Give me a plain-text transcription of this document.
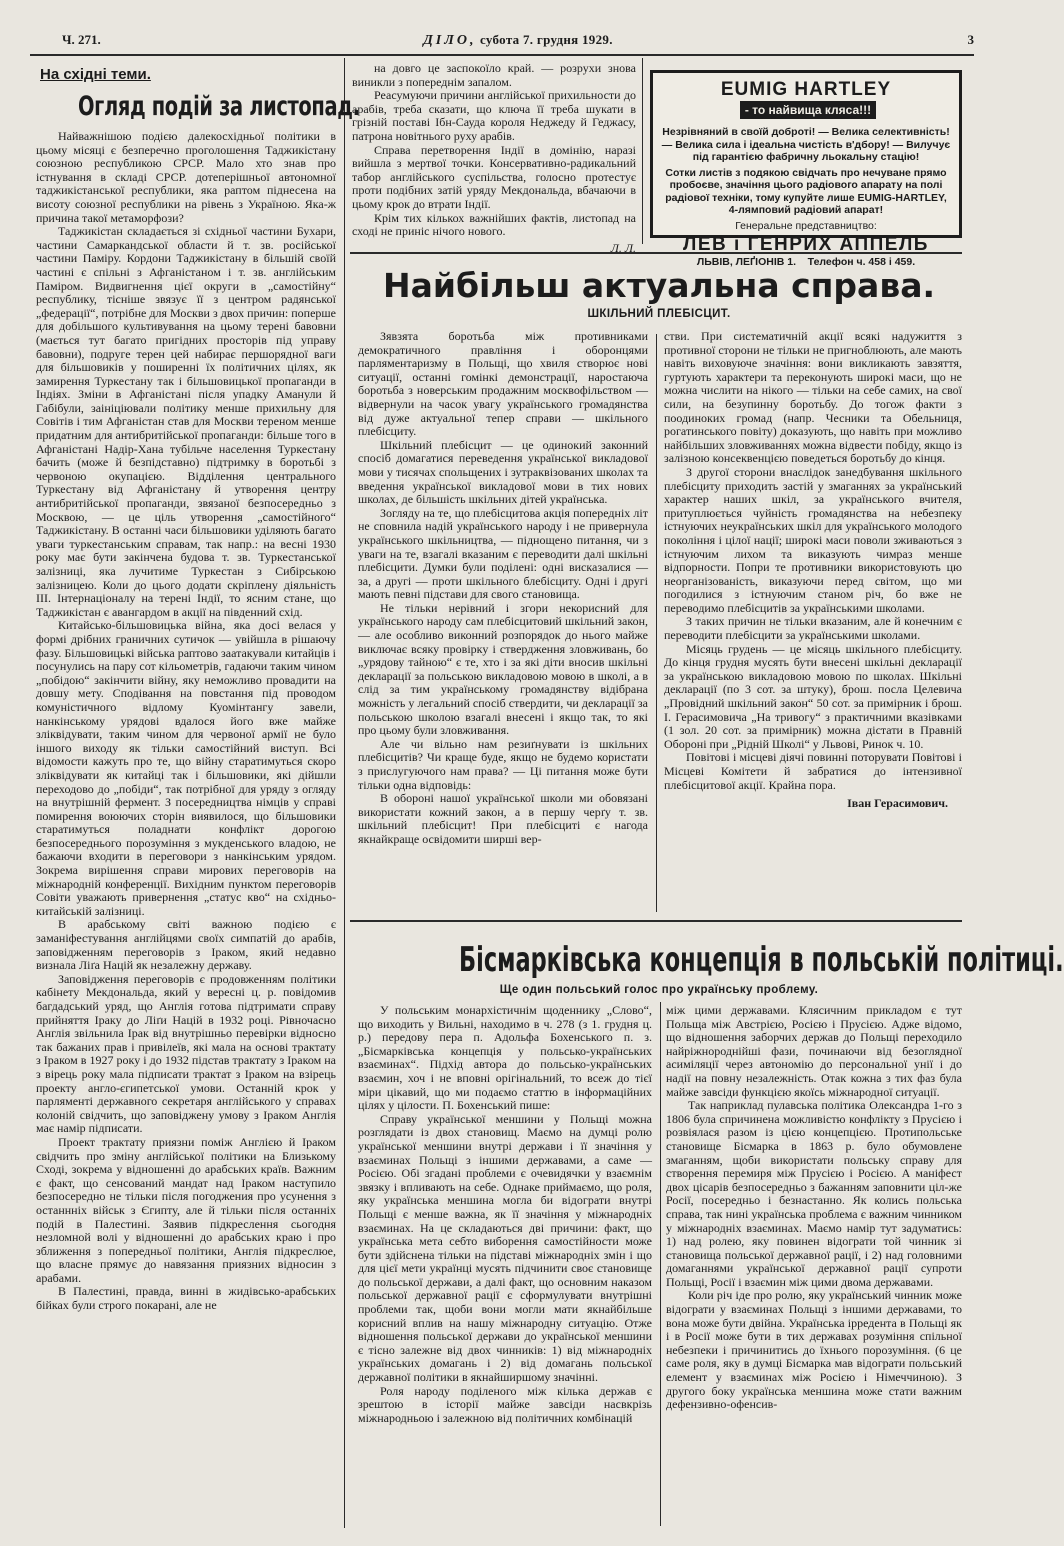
Ч. 271.	ДІЛО, субота 7. грудня 1929.	3
На східні теми.
Огляд подій за листопад.

Найважнішою подією далекосхідньої політики в цьому місяці є безперечно проголошення Таджикістану союзною республикою СРСР. Мало хто знав про істнування в складі СРСР. дотеперішньої автономної таджикістанської республики, яка раптом піднесена на висоту союзної республики на рівень з Україною. Яка-ж причина такої метаморфози?

Таджикістан складається зі східньої частини Бухари, частини Самаркандської области й т. зв. російської частини Паміру. Кордони Таджикістану в більшій своїй частині є спільні з Афганістаном і т. зв. англійським Паміром. Видвигнення цієї округи в „самостійну“ республику, тісніше звязує її з центром радянської „федерації“, потрібне для Москви з двох причин: поперше для добільшого культивування на цьому терені бавовни (мається тут багато пригідних просторів під управу бавовни), подруге терен цей набирає першорядної ваги для більшовиків у поширенні їх політичних цілях, як замирення Туркестану так і більшовицької пропаганди в Індіях. Зміни в Афганістані після упадку Аманули й Габібули, заініціювали політику менше прихильну для Совітів і тим Афганістан став для Москви тереном менше придатним для антибритійської пропаганди: більше того в Афганістані Надір-Хана тубільче населення Туркестану бачить (може й безпідставно) підтримку в боротьбі з червоною окупацією. Відділення центрального Туркестану від Афганістану й утворення центру антибритійської пропаганди, звязаної безпосередньо з Москвою, — це ціль утворення „самостійного“ Таджикістану. В останні часи більшовики уділяють багато уваги туркестанським справам, так напр.: на весні 1930 року має бути закінчена будова т. зв. Туркестанської залізниці, яка лучитиме Туркестан з Сибірською залізницею. Коли до цього додати скріплену діяльність ІІІ. Інтернаціоналу на терені Індії, то ясним стане, що Таджикістан є авангардом в акції на південний схід.

Китайсько-більшовицька війна, яка досі велася у формі дрібних граничних сутичок — увійшла в рішаючу фазу. Більшовицькі війська раптово заатакували китайців і посунулись на пару сот кільометрів, гадаючи таким чином „побідою“ закінчити війну, яку неможливо провадити на довшу мету. Сподівання на повстання під проводом комуністичного відлому Куомінтангу завели, нанкінському урядові вдалося його вже майже зліквідувати, таким чином для червоної армії не було іншого виходу як тільки самостійний виступ. Всі відомости кажуть про те, що війну старатимуться скоро зліквідувати як китайці так і більшовики, які дійшли переходово до „побіди“, так потрібної для уряду з огляду на внутрішній фермент. З посередництва німців у справі помирення воюючих сторін виявилося, що більшовики старатимуться поладнати конфлікт дорогою безпосереднього порозуміння з мукденського владою, не бажаючи входити в переговори з нанкінським урядом. Зокрема вирішення справи мирових переговорів на міжнародній конференції. Вихідним пунктом переговорів Совіти уважають привернення „статус кво“ на східньо-китайській залізниці.

В арабському світі важною подією є заманіфестування англійцями своїх симпатій до арабів, заповідженням переговорів з Іраком, який недавно визнала Ліґа Націй як незалежну державу.

Заповідження переговорів є продовженням політики кабінету Мекдональда, який у вересні ц. р. повідомив багдадський уряд, що Англія готова підтримати справу прийняття Іраку до Ліґи Націй в 1932 році. Рівночасно Англія звільнила Ірак від внутрішньо перевірки відносно так бажаних прав і привілеїв, які мала на основі трактату з Іраком в 1927 року і до 1932 підстав трактату з Іраком на з вірець року мала підписати трактат з Іраком на взірець проекту англо-єгипетської умови. Останній крок у парляменті державного секретаря англійського у справах колоній свідчить, що заповіджену умову з Іраком Англія має намір підписати.

Проект трактату приязни поміж Англією й Іраком свідчить про зміну англійської політики на Близькому Сході, зокрема у відношенні до арабських країв. Важним є факт, що сенсований мандат над Іраком наступило безпосередно не тільки після погоджения про усунення з останнніх військ з Єгипту, але й тільки після останніх подій в Палестині. Заявив підкреслення сьогодня незломной волі у відношенні до арабських краю і про зближення з попередньої політики, Англія підкреслюе, що власне прямує до навязання приязних відносин з арабами.

В Палестині, правда, винні в жидівсько-арабських бійках були строго покарані, але не

на довго це заспокоїло край. — розрухи знова виникли з попереднім запалом.

Реасумуючи причини англійської прихильности до арабів, треба сказати, що ключа її треба шукати в грізній поставі Ібн-Сауда короля Неджеду й Геджасу, патрона новітнього руху арабів.

Справа перетворення Індії в домінію, наразі вийшла з мертвої точки. Консервативно-радикальний табор англійського суспільства, голосно протестує проти подібних затій уряду Мекдональда, вбачаючи в цьому крок до втрати Індії.

Крім тих кількох важнійших фактів, листопад на сході не приніс нічого нового.

Л. Л.
EUMIG HARTLEY - то найвища кляса!!!
Незрівняний в своїй доброті! — Велика селективність! — Велика сила і ідеальна чистість в'дбору! — Вилучує під гарантією фабричну льокальну стацію!
Сотки листів з подякою свідчать про нечуване прямо пробоєве, значіння цього радіового апарату на полі радіової техніки, тому купуйте лише EUMIG-HARTLEY, 4-лямповий радіовий апарат!
Генеральне представництво:
ЛЕВ і ГЕНРИХ АППЕЛЬ
ЛЬВІВ, ЛЕҐІОНІВ 1. Телефон ч. 458 і 459.
Найбільш актуальна справа.
ШКІЛЬНИЙ ПЛЕБІСЦИТ.

Зявзята боротьба між противниками демократичного правління і оборонцями парляментаризму в Польщі, що хвиля створює нові ситуації, останні гомінкі демонстрації, наростаюча боротьба з новерським продажним москвофільством — відвернули на часок увагу українського громадянства від дуже актуальної тепер справи — шкільного плебісциту.

Шкільний плебісцит — це одинокий законний спосіб домагатися переведення української викладової мови у тисячах спольщених і зутраквізованих школах та введення української викладової мови в тих нових школах, де більшість шкільних дітей українська.

Зогляду на те, що плебісцитова акція попередніх літ не сповнила надій українського народу і не привернула українського шкільництва, — піднощено питання, чи з уваги на те, взагалі вказаним є переводити далі шкільні плебісцити. Думки були поділені: одні висказалися — за, а другі — проти шкільного блебісциту. Одні і другі мають певні підстави для свого становища.

Не тільки нерівний і згори некорисний для українського народу сам плебісцитовий шкільний закон, — але особливо виконний розпорядок до нього майже виключає всяку провірку і ствердження зловживань, бо „урядову тайною“ є те, хто і за які діти вносив шкільні декларації за польською викладовою мовою в школі, а в слід за тим українському громадянству відібрана можність у легальний спосіб ствердити, чи декларації за польською школою взагалі внесені і якщо так, то які про цьому були зловживання.

Але чи вільно нам резиґнувати із шкільних плебісцитів? Чи краще буде, якщо не будемо користати з прислугуючого нам права? — Ці питання може бути тільки одна відповідь:

В обороні нашої української школи ми обовязані використати кожний закон, а в першу черґу т. зв. шкільний плебісцит! При плебісциті є нагода якнайкраще освідомити ширші вер-

стви. При систематичній акції всякі надужиття з противної сторони не тільки не пригноблюють, але мають навіть виховуюче значіння: вони викликають завзяття, гуртують характери та переконують широкі маси, що не можна числити на нікого — тільки на себе самих, на свої сили, на безупинну боротьбу. До тогож факти з поодиноких громад (напр. Чесники та Обельниця, рогатинського повіту) доказують, що навіть при можливо найбільших зловживаннях можна відвести побіду, якщо із залізною консеквенцією поведеться боротьбу до кінця.

З другої сторони внаслідок занедбування шкільного плебісциту приходить застій у змаганнях за український характер наших шкіл, за українського вчителя, притуплюється чуйність громадянства на небезпеку істнуючих неукраїнських шкіл для українського молодого покоління і цілої нації; широкі маси поволи зживаються з істнуючим лихом та виказують чимраз менше відпорности. Попри те противники використовують цю неорганізованість, виказуючи перед світом, що ми погодилися з істнуючим станом річ, бо вже не переводимо плебісцитів за українськими школами.

З таких причин не тільки вказаним, але й конечним є переводити плебісцити за українськими школами.

Місяць грудень — це місяць шкільного плебісциту. До кінця грудня мусять бути внесені шкільні декларації за українською викладовою мовою по школах. Шкільні декларації (по 3 сот. за штуку), брош. посла Целевича „Провідний шкільний закон“ 50 сот. за примірник і брош. І. Герасимовича „На тривогу“ з практичними вказівками (1 зол. 20 сот. за примірник) можна дістати в Правній Обороні при „Рідній Школі“ у Львові, Ринок ч. 10.

Повітові і місцеві діячі повинні поторувати Повітові і Місцеві Комітети й забратися до інтензивної плебісцитової акції. Крайна пора.

Іван Герасимович.
Бісмарківська концепція в польській політиці.
Ще один польський голос про українську проблему.

У польським монархістичнім щоденнику „Слово“, що виходить у Вильні, находимо в ч. 278 (з 1. грудня ц. р.) передову пера п. Адольфа Бохенського п. з. „Бісмарківська концепція у польсько-українських взаєминах“. Підхід автора до польсько-українських взаємин, хоч і не вповні орігінальний, то всеж до тієї міри цікавий, що ми подаємо статтю в інформаційних цілях у цілости. П. Бохенський пише:

Справу української меншини у Польщі можна розглядати із двох становищ. Маємо на думці ролю української меншини внутрі держави і її значіння у взаєминах Польщі з іншими державами, а саме — Росією. Обі згадані проблеми є очевидячки у взаємнім звязку і впливають на себе. Однаке приймаємо, що роля, яку українська меншина могла би відограти внутрі Польщі є менше важна, як її значіння у міжнародніх взаєминах. На це складаються дві причини: факт, що українська мета себто виборення самостійности може бути здійснена тільки на підставі міжнародніх змін і що для цієї мети українці мусять підчинити своє становище до польської держави, а далі факт, що основним наказом польської державної рації є сформулувати внутрішні проблеми так, щоби вони могли мати якнайбільше корисний вплив на нашу міжнародну ситуацію. Отже відношення польської держави до української меншини є тісно залежне від двох чинників: 1) від міжнародніх українських домагань і 2) від домагань польської державної політики в якнайширшому значінні.

Роля народу поділеного між кілька держав є зрештою в історії майже завсіди насвкрізь міжнародньою і залежною від політичних комбінацій

між цими державами. Клясичним прикладом є тут Польща між Австрією, Росією і Прусією. Адже відомо, що відношення заборчих держав до Польщі переходило найріжнороднійші фази, починаючи від безоглядної асиміляції через автономію до персональної унії і до надії на повну незалежність. Отак кожна з тих фаз була майже завсіди функцією якоїсь міжнародної ситуації.

Так наприклад пулавська політика Олександра 1-го з 1806 була спричинена можливістю конфлікту з Прусією і розвіялася разом із цією концепцією. Протипольське становище Бісмарка в 1863 р. було обумовлене змаганням, щоби використати польську справу для створення перемиря між Прусією і Росією. А маніфест двох цісарів безпосередньо з бажанням заповнити ціл-же Росії, посередньо і безнастанно. Як колись польська справа, так нині українська проблема є важним чинником у міжнародніх взаєминах. Маємо намір тут задуматись: 1) над ролею, яку повинен відограти той чинник зі становища польської державної рації, і 2) над головними домаганнями української державної рації супроти Польщі, Росії і взаємин між цими двома державами.

Коли річ іде про ролю, яку український чинник може відограти у взаєминах Польщі з іншими державами, то вона може бути двійна. Українська ірредента в Польщі як і в Росії може бути в тих державах розуміння спільної небезпеки і причинитись до їхнього порозуміння. (6 це саме роля, яку в думці Бісмарка мав відограти польський елемент у взаєминах між Росією і Німеччиною). З другого боку українська меншина може стати важним дефензивно-офенсив-
